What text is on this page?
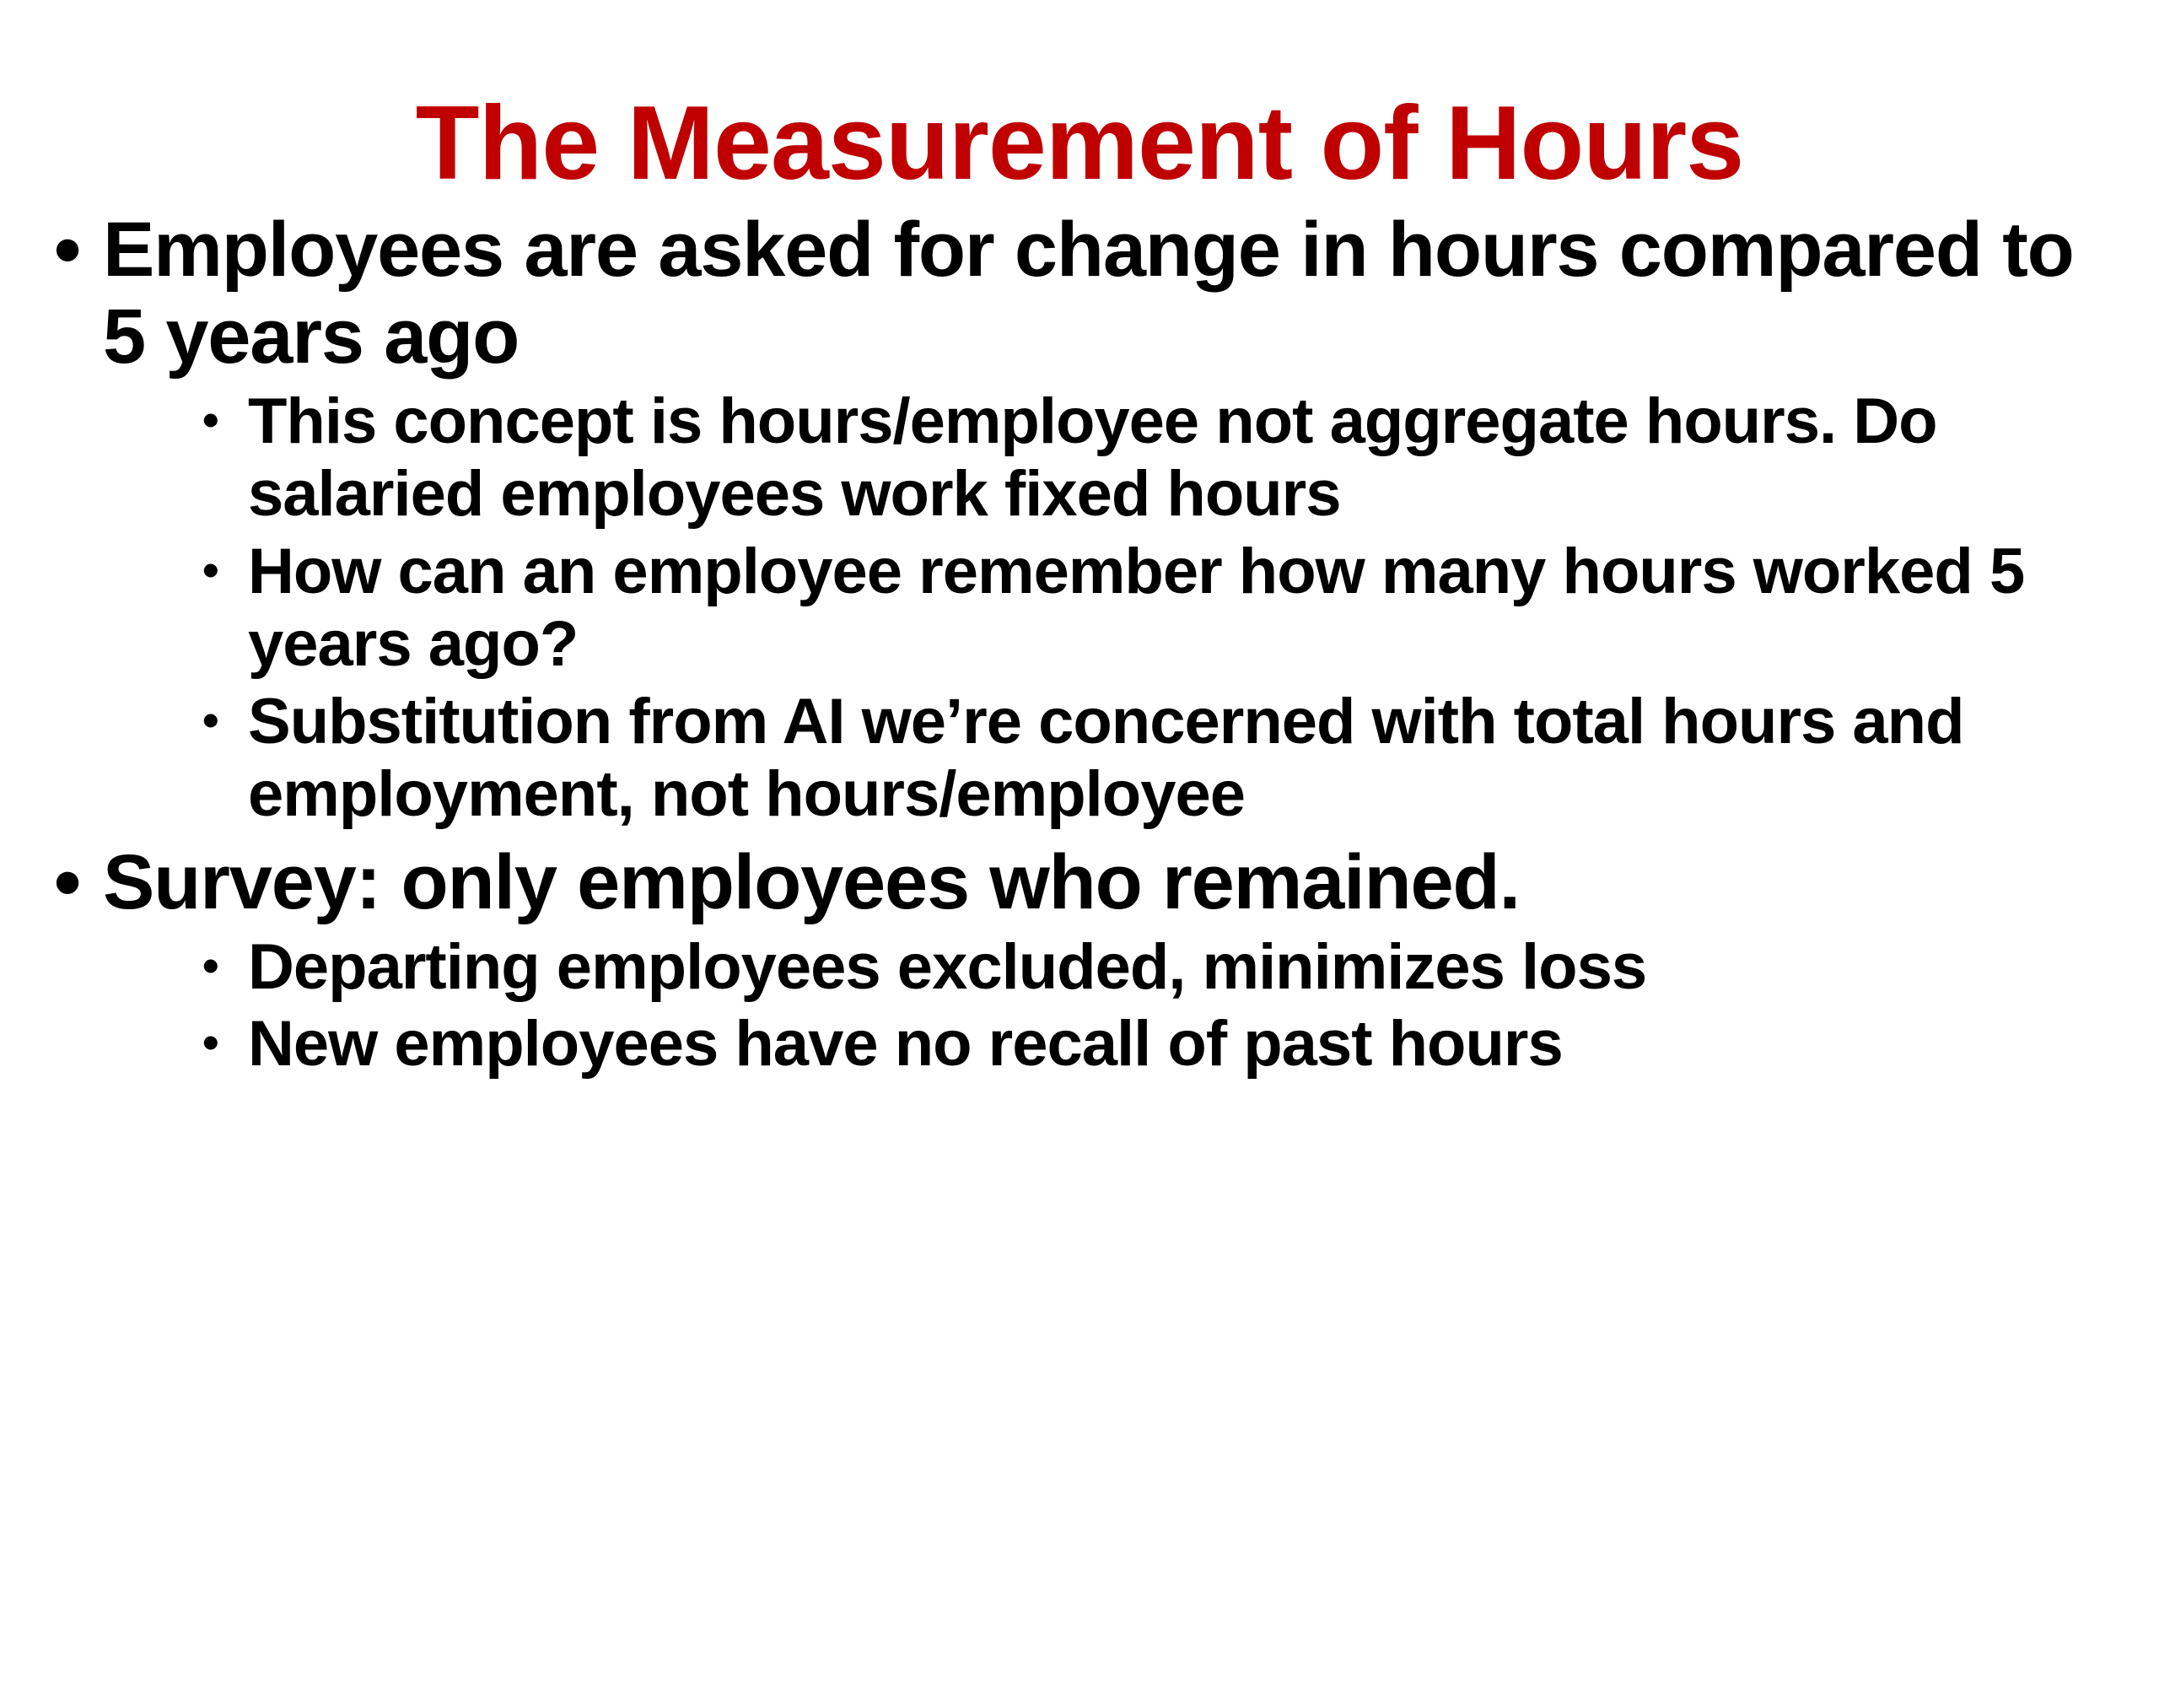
The Measurement of Hours
• Employees are asked for change in hours compared to 5 years ago
• This concept is hours/employee not aggregate hours. Do salaried employees work fixed hours
• How can an employee remember how many hours worked 5 years ago?
• Substitution from AI we’re concerned with total hours and employment, not hours/employee
• Survey: only employees who remained.
• Departing employees excluded, minimizes loss
• New employees have no recall of past hours
